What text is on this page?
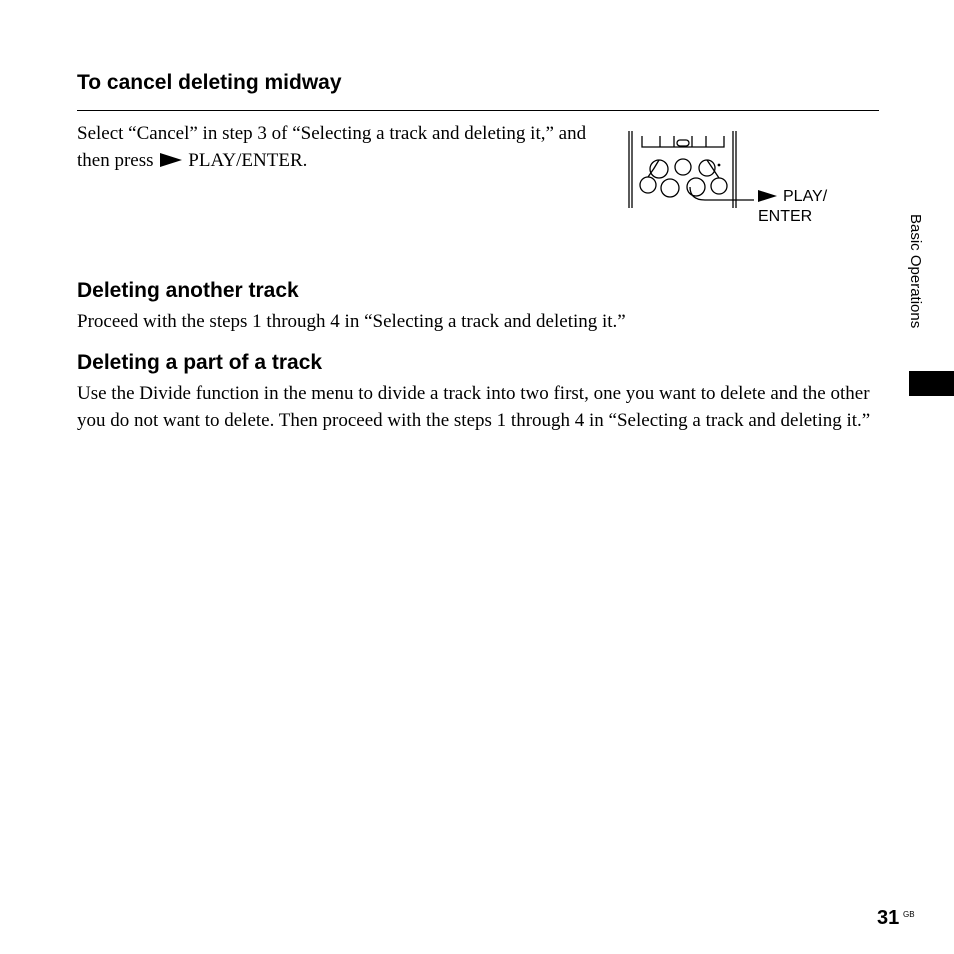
To cancel deleting midway

Select “Cancel” in step 3 of “Selecting a track and deleting it,” and then press PLAY/ENTER.

PLAY/
ENTER
Deleting another track

Proceed with the steps 1 through 4 in “Selecting a track and deleting it.”

Deleting a part of a track

Use the Divide function in the menu to divide a track into two first, one you want to delete and the other you do not want to delete. Then proceed with the steps 1 through 4 in “Selecting a track and deleting it.”

Basic Operations
31 GB
